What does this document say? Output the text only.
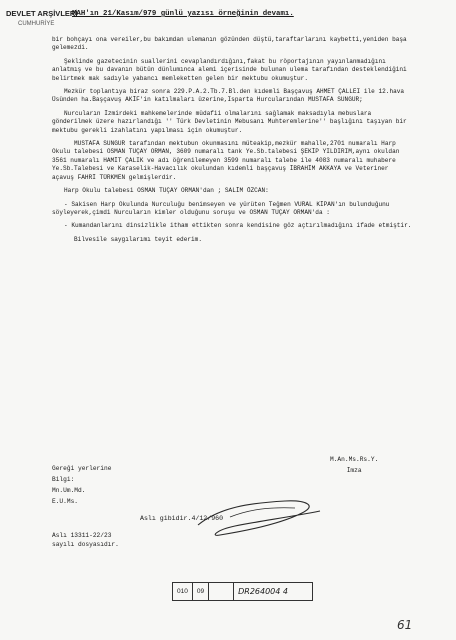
DEVLET ARŞİVLERİ
CUMHURİYE
MAH'ın 21/Kasım/979 günlü yazısı örneğinin devamı.

bir bohçayı ona vereiler,bu bakımdan ulemanın gözünden düştü,taraftarlarını kaybetti,yeniden başa gelemezdi.

Şeklinde gazetecinin suallerini cevaplandırdığını,fakat bu röportajının yayınlanmadığını anlatmış ve bu davanın bütün dünlumınca alemi içerisinde bulunan ulema tarafından desteklendiğini belirtmek mak sadıyle yabancı memleketten gelen bir mektubu okumuştur.

Mezkür toplantıya biraz sonra 229.P.A.2.Tb.7.Bl.den kıdemli Başçavuş AHMET ÇALLEI ile 12.hava Üsünden ha.Başçavuş AKİF'in katılmaları üzerine,Isparta Hurcularından MUSTAFA SUNGUR;

Nurcuların İzmirdeki mahkemelerinde müdafii olmalarını sağlamak maksadıyla mebuslara gönderilmek üzere hazırlandığı '' Türk Devletinin Mebusanı Muhteremlerine'' başlığını taşıyan bir mektubu gerekli izahlatını yapılması için okumuştur.

MUSTAFA SUNGUR tarafından mektubun okunmasını müteakip,mezkür mahalle,2701 numaralı Harp Okulu talebesi OSMAN TUÇAY ORMAN, 3609 numaralı tank Ye.Sb.talebesi ŞEKİP YILDIRIM,aynı okuldan 3561 numaralı HAMİT ÇALIK ve adı öğrenilemeyen 3599 numaralı talebe ile 4083 numaralı muhabere Ye.Sb.Talebesi ve Karaselik-Havacılık okulundan kıdemli başçavuş İBRAHİM AKKAYA ve Veteriner açavuş FAHRİ TÜRKMEN gelmişlerdir.

Harp Okulu talebesi OSMAN TUÇAY ORMAN'dan ; SALİM ÖZCAN:

- Sakisen Harp Okulunda Nurculuğu benimseyen ve yürüten Teğmen VURAL KİPAN'ın bulunduğunu söyleyerek,çimdi Nurcuların kimler olduğunu soruşu ve OSMAN TUÇAY ORMAN'da :

- Kumandanlarını dinsizlikle itham ettikten sonra kendisine göz açtırılmadığını ifade etmiştir.

Bilvesile saygılarımı teyit ederim.

Gereği yerlerine
Bilgi:
Mn.Um.Md.
E.U.Ms.
M.An.Ms.Rs.Y.
İmza
Aslı gibidir.4/12/960
Aslı 13311-22/23
sayılı dosyasıdır.
010	09	DR264004 4
61
